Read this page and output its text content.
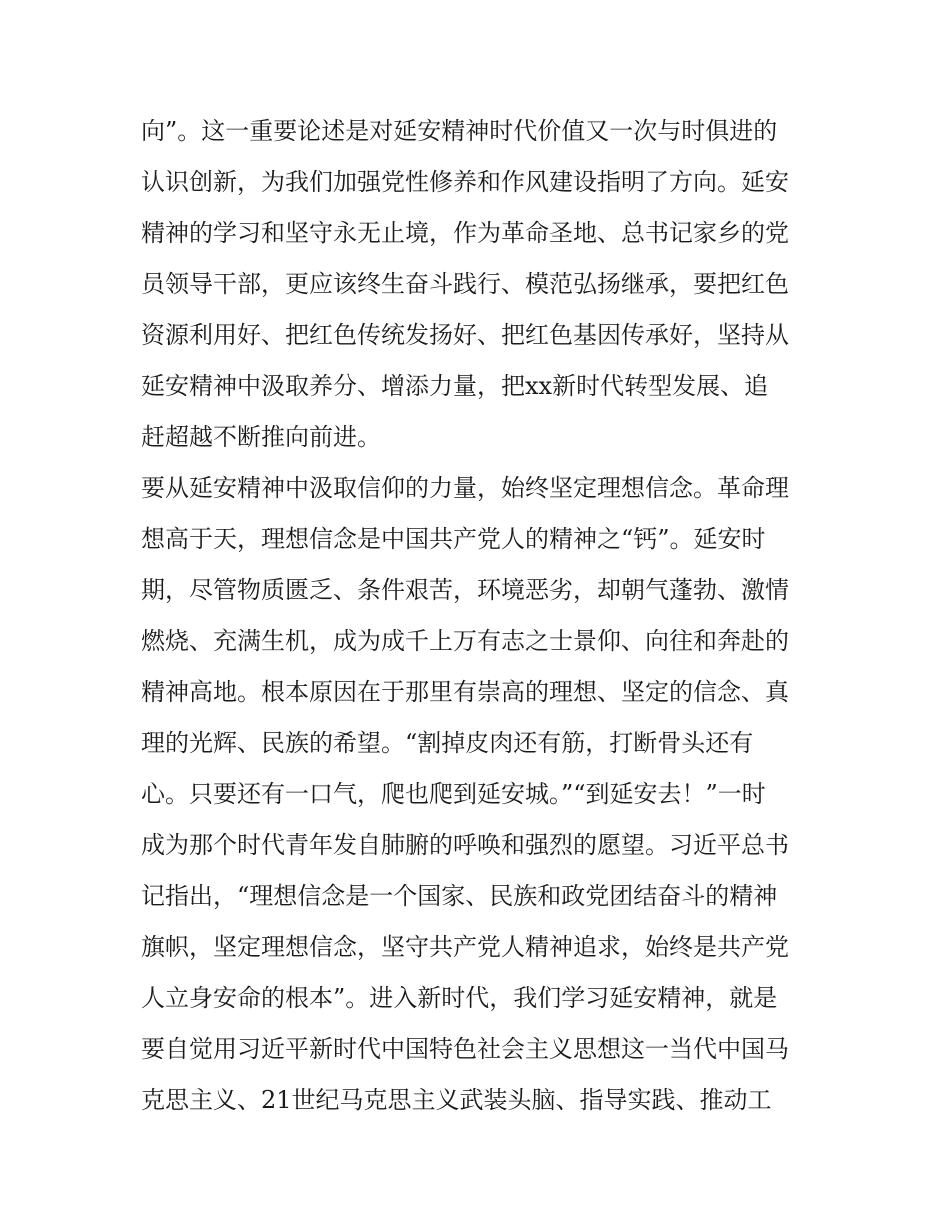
向”。这一重要论述是对延安精神时代价值又一次与时俱进的
认识创新，为我们加强党性修养和作风建设指明了方向。延安
精神的学习和坚守永无止境，作为革命圣地、总书记家乡的党
员领导干部，更应该终生奋斗践行、模范弘扬继承，要把红色
资源利用好、把红色传统发扬好、把红色基因传承好，坚持从
延安精神中汲取养分、增添力量，把xx新时代转型发展、追
赶超越不断推向前进。
要从延安精神中汲取信仰的力量，始终坚定理想信念。革命理
想高于天，理想信念是中国共产党人的精神之“钙”。延安时
期，尽管物质匮乏、条件艰苦，环境恶劣，却朝气蓬勃、激情
燃烧、充满生机，成为成千上万有志之士景仰、向往和奔赴的
精神高地。根本原因在于那里有崇高的理想、坚定的信念、真
理的光辉、民族的希望。“割掉皮肉还有筋，打断骨头还有
心。只要还有一口气，爬也爬到延安城。”“到延安去！”一时
成为那个时代青年发自肺腑的呼唤和强烈的愿望。习近平总书
记指出，“理想信念是一个国家、民族和政党团结奋斗的精神
旗帜，坚定理想信念，坚守共产党人精神追求，始终是共产党
人立身安命的根本”。进入新时代，我们学习延安精神，就是
要自觉用习近平新时代中国特色社会主义思想这一当代中国马
克思主义、21世纪马克思主义武装头脑、指导实践、推动工
